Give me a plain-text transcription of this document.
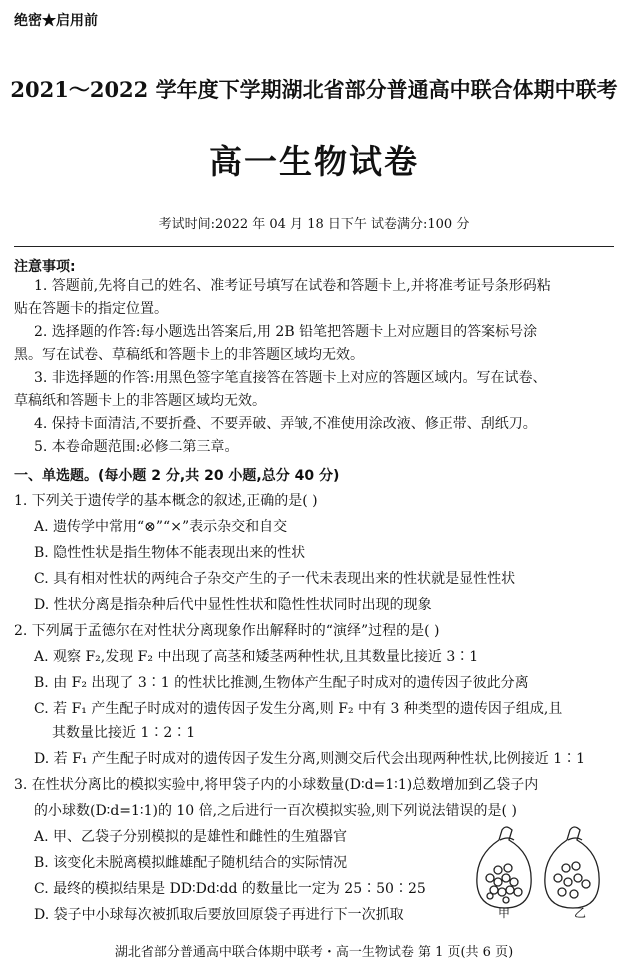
绝密★启用前
2021～2022 学年度下学期湖北省部分普通高中联合体期中联考
高一生物试卷
考试时间:2022 年 04 月 18 日下午 试卷满分:100 分
注意事项:
1. 答题前,先将自己的姓名、准考证号填写在试卷和答题卡上,并将准考证号条形码粘
贴在答题卡的指定位置。
2. 选择题的作答:每小题选出答案后,用 2B 铅笔把答题卡上对应题目的答案标号涂
黑。写在试卷、草稿纸和答题卡上的非答题区域均无效。
3. 非选择题的作答:用黑色签字笔直接答在答题卡上对应的答题区域内。写在试卷、
草稿纸和答题卡上的非答题区域均无效。
4. 保持卡面清洁,不要折叠、不要弄破、弄皱,不准使用涂改液、修正带、刮纸刀。
5. 本卷命题范围:必修二第三章。
一、单选题。(每小题 2 分,共 20 小题,总分 40 分)
1. 下列关于遗传学的基本概念的叙述,正确的是( )
A. 遗传学中常用“⊗”“×”表示杂交和自交
B. 隐性性状是指生物体不能表现出来的性状
C. 具有相对性状的两纯合子杂交产生的子一代未表现出来的性状就是显性性状
D. 性状分离是指杂种后代中显性性状和隐性性状同时出现的现象
2. 下列属于孟德尔在对性状分离现象作出解释时的“演绎”过程的是( )
A. 观察 F₂,发现 F₂ 中出现了高茎和矮茎两种性状,且其数量比接近 3∶1
B. 由 F₂ 出现了 3∶1 的性状比推测,生物体产生配子时成对的遗传因子彼此分离
C. 若 F₁ 产生配子时成对的遗传因子发生分离,则 F₂ 中有 3 种类型的遗传因子组成,且
其数量比接近 1∶2∶1
D. 若 F₁ 产生配子时成对的遗传因子发生分离,则测交后代会出现两种性状,比例接近 1∶1
3. 在性状分离比的模拟实验中,将甲袋子内的小球数量(D∶d=1∶1)总数增加到乙袋子内
的小球数(D∶d=1∶1)的 10 倍,之后进行一百次模拟实验,则下列说法错误的是( )
A. 甲、乙袋子分别模拟的是雄性和雌性的生殖器官
B. 该变化未脱离模拟雌雄配子随机结合的实际情况
C. 最终的模拟结果是 DD∶Dd∶dd 的数量比一定为 25∶50∶25
D. 袋子中小球每次被抓取后要放回原袋子再进行下一次抓取	甲	乙
湖北省部分普通高中联合体期中联考・高一生物试卷 第 1 页(共 6 页)
